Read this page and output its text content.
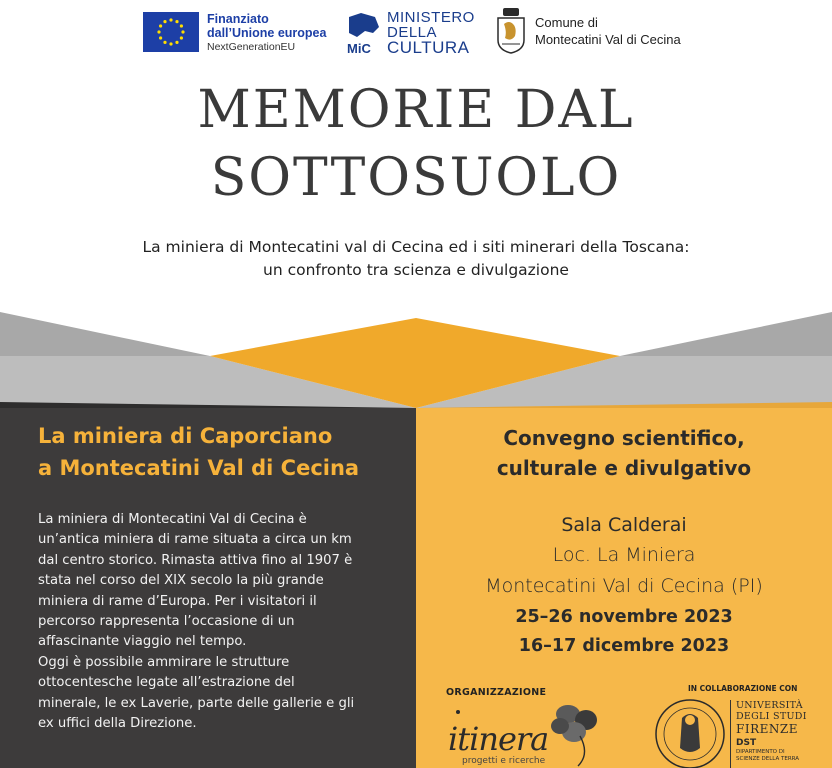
Finanziato
dall’Unione europea
NextGenerationEU	MiC
MINISTERO
DELLA
CULTURA
Comune di
Montecatini Val di Cecina
MEMORIE DAL
SOTTOSUOLO
La miniera di Montecatini val di Cecina ed i siti minerari della Toscana:
un confronto tra scienza e divulgazione
La miniera di Caporciano
a Montecatini Val di Cecina
La miniera di Montecatini Val di Cecina è
un’antica miniera di rame situata a circa un km
dal centro storico. Rimasta attiva fino al 1907 è
stata nel corso del XIX secolo la più grande
miniera di rame d’Europa. Per i visitatori il
percorso rappresenta l’occasione di un
affascinante viaggio nel tempo.
Oggi è possibile ammirare le strutture
ottocentesche legate all’estrazione del
minerale, le ex Laverie, parte delle gallerie e gli
ex uffici della Direzione.
Convegno scientifico,
culturale e divulgativo
Sala Calderai
Loc. La Miniera
Montecatini Val di Cecina (PI)
25–26 novembre 2023
16–17 dicembre 2023
ORGANIZZAZIONE	IN COLLABORAZIONE CON
itinera
progetti e ricerche
UNIVERSITÀ
DEGLI STUDI
FIRENZE
DST
DIPARTIMENTO DI
SCIENZE DELLA TERRA
